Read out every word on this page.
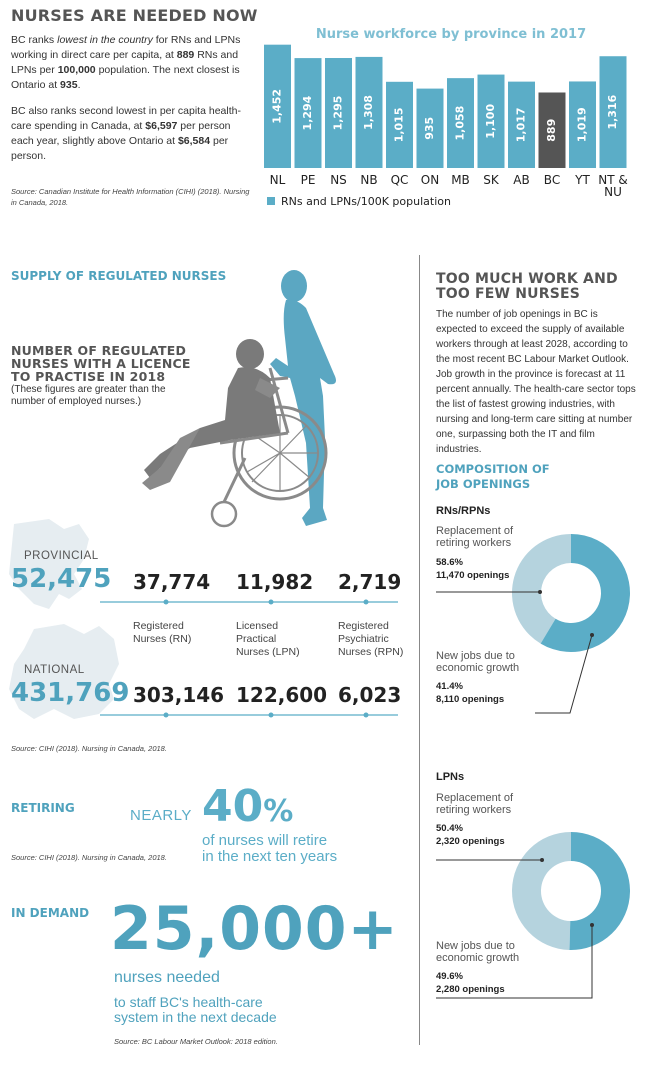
NURSES ARE NEEDED NOW
BC ranks lowest in the country for RNs and LPNs working in direct care per capita, at 889 RNs and LPNs per 100,000 population. The next closest is Ontario at 935.
BC also ranks second lowest in per capita health-care spending in Canada, at $6,597 per person each year, slightly above Ontario at $6,584 per person.
Source: Canadian Institute for Health Information (CIHI) (2018). Nursing in Canada, 2018.
Nurse workforce by province in 2017
1,452 1,294 1,295 1,308 1,015 935 1,058 1,100 1,017 889 1,019 1,316
NL PE NS NB QC ON MB SK AB BC YT NT &
NU
RNs and LPNs/100K population
SUPPLY OF REGULATED NURSES
NUMBER OF REGULATED
NURSES WITH A LICENCE
TO PRACTISE IN 2018
(These figures are greater than the number of employed nurses.)
PROVINCIAL
52,475 37,774 11,982 2,719
Registered
Nurses (RN)
Licensed
Practical
Nurses (LPN)
Registered
Psychiatric
Nurses (RPN)
NATIONAL
431,769 303,146 122,600 6,023
Source: CIHI (2018). Nursing in Canada, 2018.
RETIRING	NEARLY 40%
of nurses will retire
in the next ten years
Source: CIHI (2018). Nursing in Canada, 2018.
IN DEMAND 25,000+
nurses needed
to staff BC's health-care
system in the next decade
Source: BC Labour Market Outlook: 2018 edition.
TOO MUCH WORK AND
TOO FEW NURSES
The number of job openings in BC is expected to exceed the supply of available workers through at least 2028, according to the most recent BC Labour Market Outlook. Job growth in the province is forecast at 11 percent annually. The health-care sector tops the list of fastest growing industries, with nursing and long-term care sitting at number one, surpassing both the IT and film industries.
COMPOSITION OF
JOB OPENINGS
RNs/RPNs
Replacement of
retiring workers
58.6%
11,470 openings
New jobs due to
economic growth
41.4%
8,110 openings
LPNs
Replacement of
retiring workers
50.4%
2,320 openings
New jobs due to
economic growth
49.6%
2,280 openings
